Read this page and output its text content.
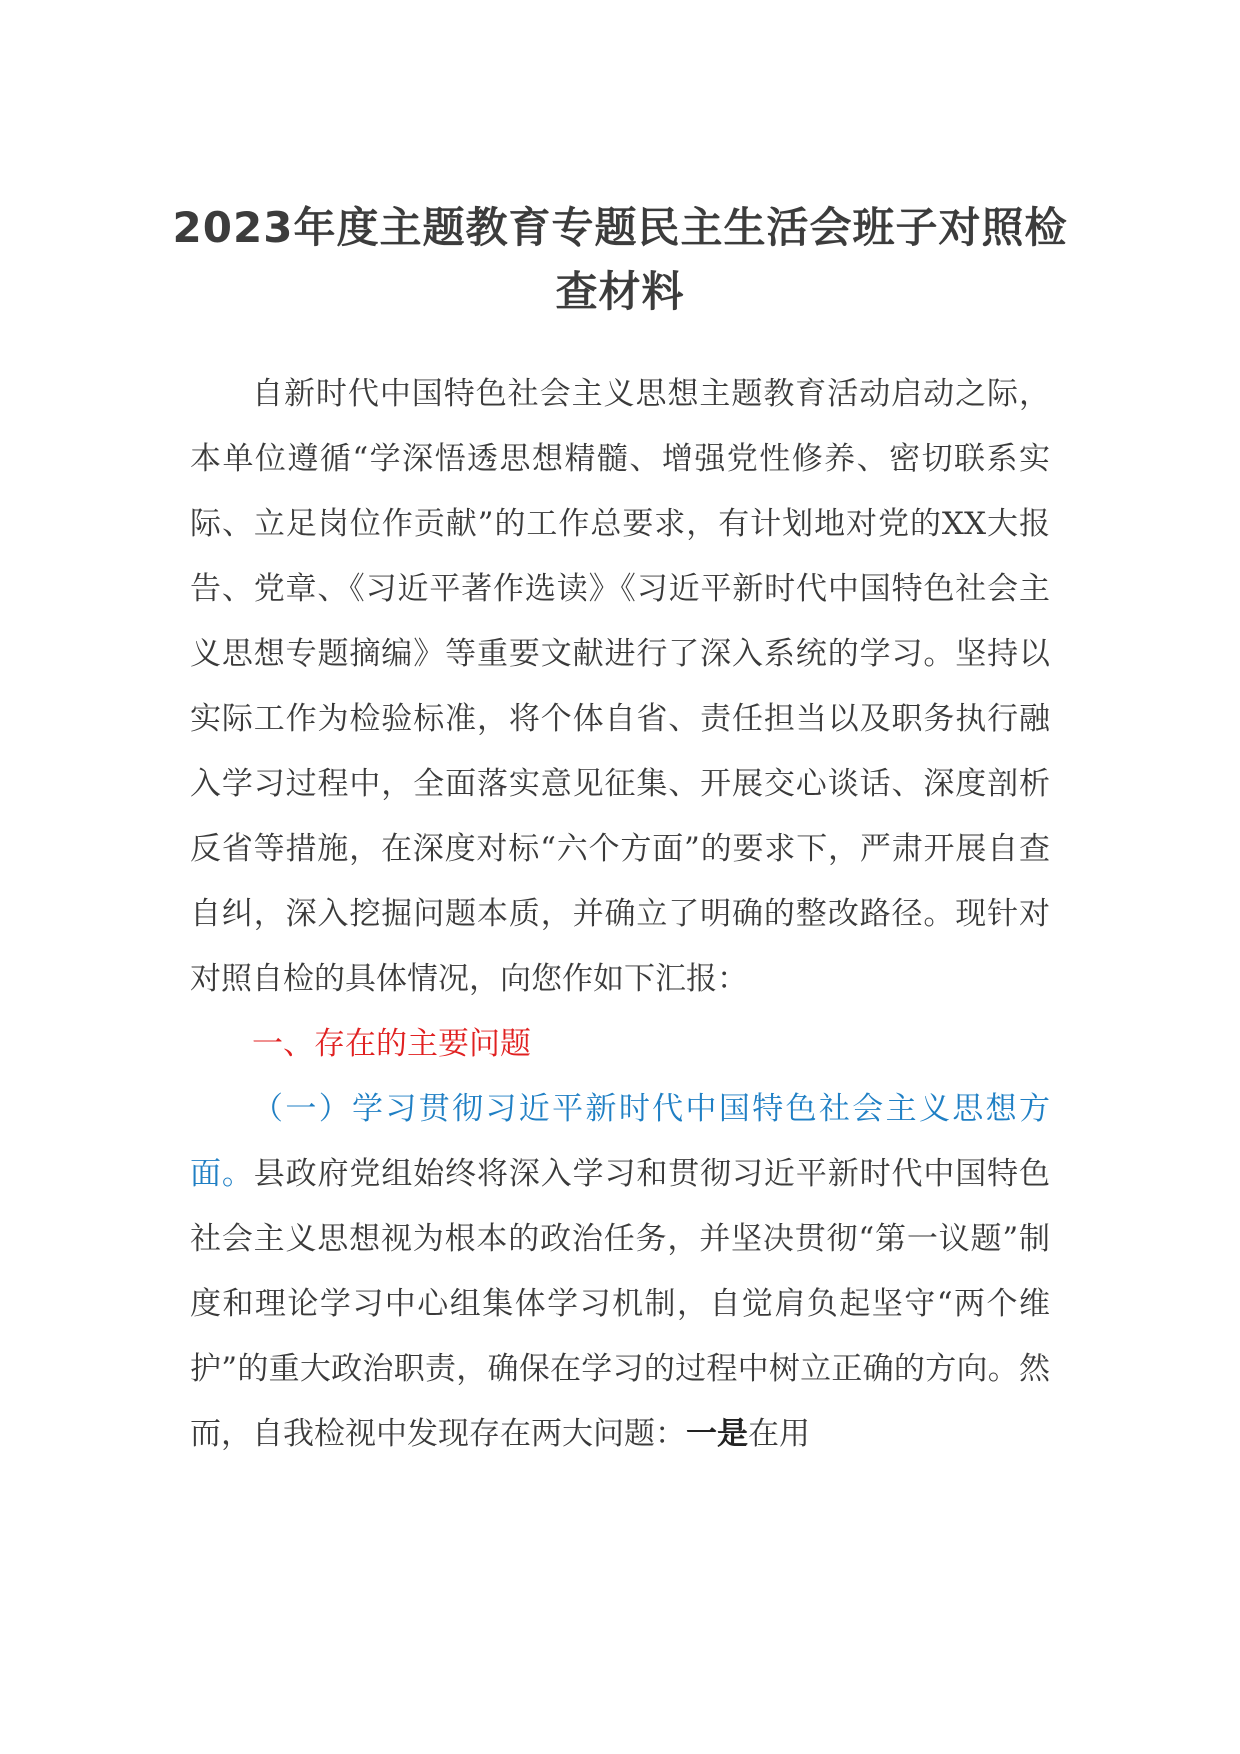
2023年度主题教育专题民主生活会班子对照检查材料

自新时代中国特色社会主义思想主题教育活动启动之际，本单位遵循“学深悟透思想精髓、增强党性修养、密切联系实际、立足岗位作贡献”的工作总要求，有计划地对党的XX大报告、党章、《习近平著作选读》《习近平新时代中国特色社会主义思想专题摘编》等重要文献进行了深入系统的学习。坚持以实际工作为检验标准，将个体自省、责任担当以及职务执行融入学习过程中，全面落实意见征集、开展交心谈话、深度剖析反省等措施，在深度对标“六个方面”的要求下，严肃开展自查自纠，深入挖掘问题本质，并确立了明确的整改路径。现针对对照自检的具体情况，向您作如下汇报：

一、存在的主要问题

（一）学习贯彻习近平新时代中国特色社会主义思想方面。县政府党组始终将深入学习和贯彻习近平新时代中国特色社会主义思想视为根本的政治任务，并坚决贯彻“第一议题”制度和理论学习中心组集体学习机制，自觉肩负起坚守“两个维护”的重大政治职责，确保在学习的过程中树立正确的方向。然而，自我检视中发现存在两大问题：一是在用
